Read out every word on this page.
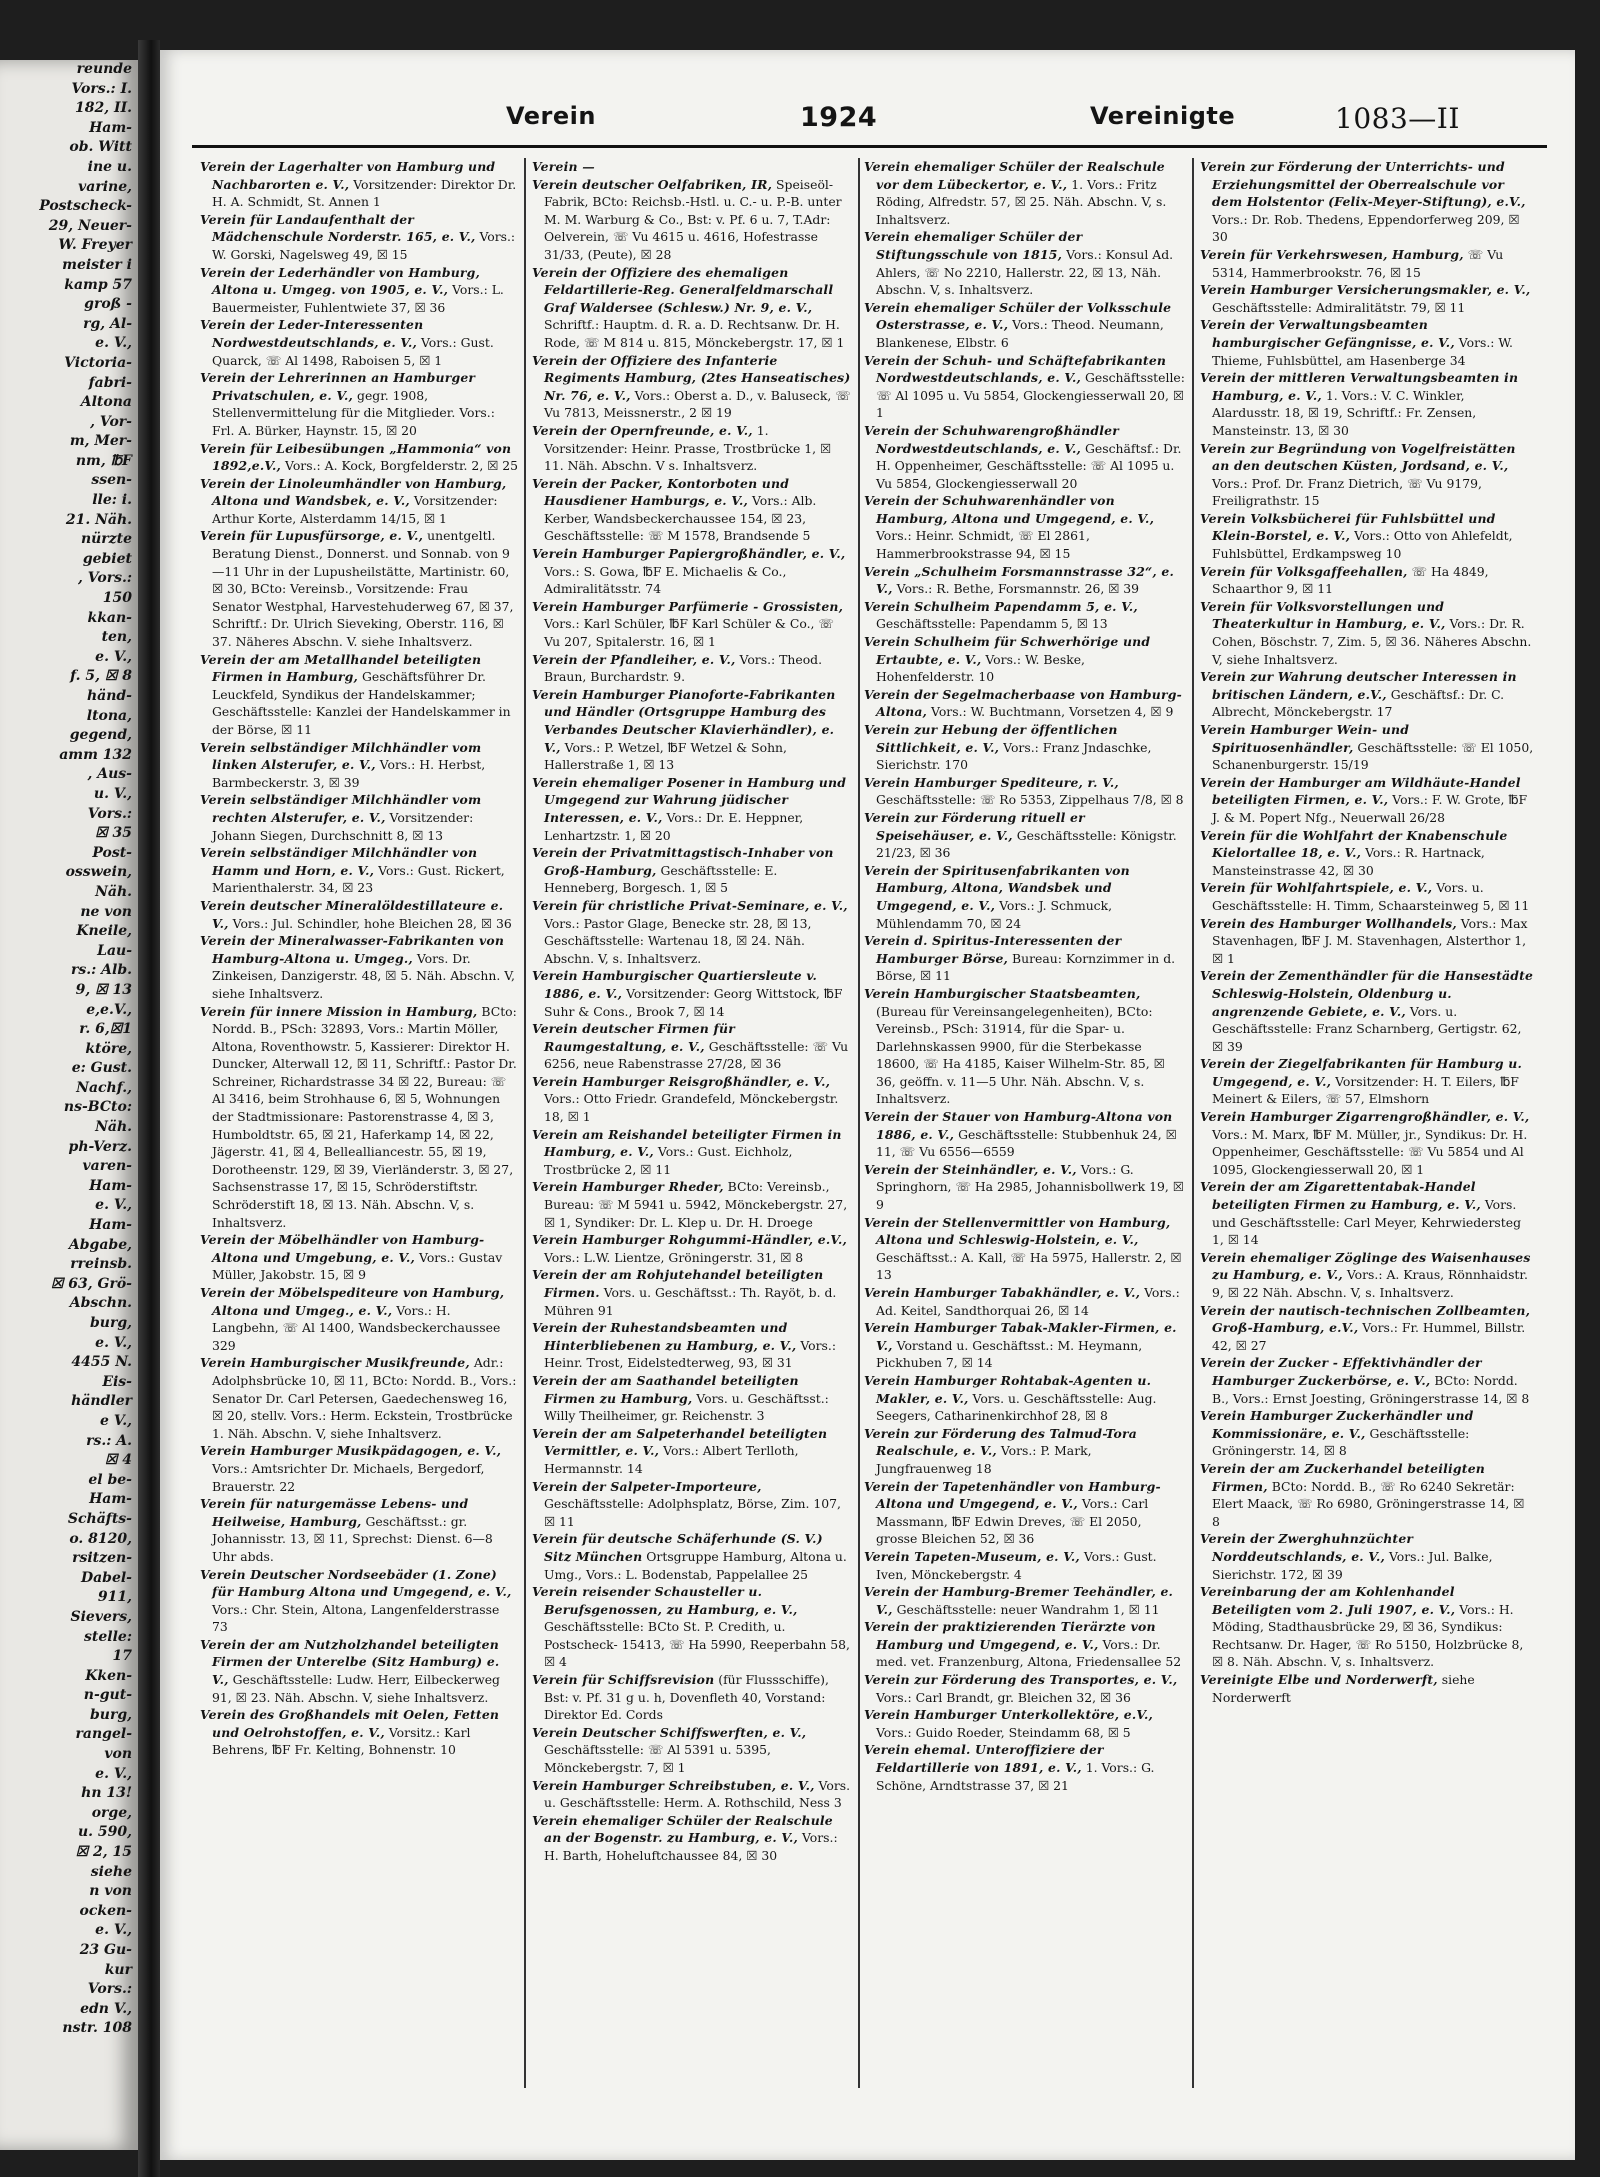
reunde
Vors.: I.
182, II.
Ham-
ob. Witt
ine u.
varine,
Postscheck-
29, Neuer-
W. Freyer
meister i
kamp 57
groß -
rg, Al-
e. V.,
Victoria-
fabri-
Altona
, Vor-
m, Mer-
nm, ℔F
ssen-
lle: i.
21. Näh.
nürzte
gebiet
, Vors.:
150
kkan-
ten,
e. V.,
f. 5, ☒ 8
händ-
ltona,
gegend,
amm 132
, Aus-
u. V.,
Vors.:
☒ 35
Post-
osswein,
Näh.
ne von
Kneile,
Lau-
rs.: Alb.
9, ☒ 13
e,e.V.,
r. 6,☒1
ktöre,
e: Gust.
Nachf.,
ns-BCto:
Näh.
ph-Verz.
varen-
Ham-
e. V.,
Ham-
Abgabe,
rreinsb.
☒ 63, Grö-
Abschn.
burg,
e. V.,
4455 N.
Eis-
händler
e V.,
rs.: A.
☒ 4
el be-
Ham-
Schäfts-
o. 8120,
rsitzen-
Dabel-
911,
Sievers,
stelle:
17
Kken-
n-gut-
burg,
rangel-
von
e. V.,
hn 13!
orge,
u. 590,
☒ 2, 15
siehe
n von
ocken-
e. V.,
23 Gu-
kur
Vors.:
edn V.,
nstr. 108
Verein	1924	Vereinigte	1083—II

Verein der Lagerhalter von Hamburg und Nachbarorten e. V., Vorsitzender: Direktor Dr. H. A. Schmidt, St. Annen 1

Verein für Landaufenthalt der Mädchenschule Norderstr. 165, e. V., Vors.: W. Gorski, Nagelsweg 49, ☒ 15

Verein der Lederhändler von Hamburg, Altona u. Umgeg. von 1905, e. V., Vors.: L. Bauermeister, Fuhlentwiete 37, ☒ 36

Verein der Leder-Interessenten Nordwestdeutschlands, e. V., Vors.: Gust. Quarck, ☏ Al 1498, Raboisen 5, ☒ 1

Verein der Lehrerinnen an Hamburger Privatschulen, e. V., gegr. 1908, Stellenvermittelung für die Mitglieder. Vors.: Frl. A. Bürker, Haynstr. 15, ☒ 20

Verein für Leibesübungen „Hammonia“ von 1892,e.V., Vors.: A. Kock, Borgfelderstr. 2, ☒ 25

Verein der Linoleumhändler von Hamburg, Altona und Wandsbek, e. V., Vorsitzender: Arthur Korte, Alsterdamm 14/15, ☒ 1

Verein für Lupusfürsorge, e. V., unentgeltl. Beratung Dienst., Donnerst. und Sonnab. von 9—11 Uhr in der Lupusheilstätte, Martinistr. 60, ☒ 30, BCto: Vereinsb., Vorsitzende: Frau Senator Westphal, Harvestehuderweg 67, ☒ 37, Schriftf.: Dr. Ulrich Sieveking, Oberstr. 116, ☒ 37. Näheres Abschn. V. siehe Inhaltsverz.

Verein der am Metallhandel beteiligten Firmen in Hamburg, Geschäftsführer Dr. Leuckfeld, Syndikus der Handelskammer; Geschäftsstelle: Kanzlei der Handelskammer in der Börse, ☒ 11

Verein selbständiger Milchhändler vom linken Alsterufer, e. V., Vors.: H. Herbst, Barmbeckerstr. 3, ☒ 39

Verein selbständiger Milchhändler vom rechten Alsterufer, e. V., Vorsitzender: Johann Siegen, Durchschnitt 8, ☒ 13

Verein selbständiger Milchhändler von Hamm und Horn, e. V., Vors.: Gust. Rickert, Marienthalerstr. 34, ☒ 23

Verein deutscher Mineralöldestillateure e. V., Vors.: Jul. Schindler, hohe Bleichen 28, ☒ 36

Verein der Mineralwasser-Fabrikanten von Hamburg-Altona u. Umgeg., Vors. Dr. Zinkeisen, Danzigerstr. 48, ☒ 5. Näh. Abschn. V, siehe Inhaltsverz.

Verein für innere Mission in Hamburg, BCto: Nordd. B., PSch: 32893, Vors.: Martin Möller, Altona, Roventhowstr. 5, Kassierer: Direktor H. Duncker, Alterwall 12, ☒ 11, Schriftf.: Pastor Dr. Schreiner, Richardstrasse 34 ☒ 22, Bureau: ☏ Al 3416, beim Strohhause 6, ☒ 5, Wohnungen der Stadtmissionare: Pastorenstrasse 4, ☒ 3, Humboldtstr. 65, ☒ 21, Haferkamp 14, ☒ 22, Jägerstr. 41, ☒ 4, Bellealliancestr. 55, ☒ 19, Dorotheenstr. 129, ☒ 39, Vierländerstr. 3, ☒ 27, Sachsenstrasse 17, ☒ 15, Schröderstiftstr. Schröderstift 18, ☒ 13. Näh. Abschn. V, s. Inhaltsverz.

Verein der Möbelhändler von Hamburg-Altona und Umgebung, e. V., Vors.: Gustav Müller, Jakobstr. 15, ☒ 9

Verein der Möbelspediteure von Hamburg, Altona und Umgeg., e. V., Vors.: H. Langbehn, ☏ Al 1400, Wandsbeckerchaussee 329

Verein Hamburgischer Musikfreunde, Adr.: Adolphsbrücke 10, ☒ 11, BCto: Nordd. B., Vors.: Senator Dr. Carl Petersen, Gaedechensweg 16, ☒ 20, stellv. Vors.: Herm. Eckstein, Trostbrücke 1. Näh. Abschn. V, siehe Inhaltsverz.

Verein Hamburger Musikpädagogen, e. V., Vors.: Amtsrichter Dr. Michaels, Bergedorf, Brauerstr. 22

Verein für naturgemässe Lebens- und Heilweise, Hamburg, Geschäftsst.: gr. Johannisstr. 13, ☒ 11, Sprechst: Dienst. 6—8 Uhr abds.

Verein Deutscher Nordseebäder (1. Zone) für Hamburg Altona und Umgegend, e. V., Vors.: Chr. Stein, Altona, Langenfelderstrasse 73

Verein der am Nutzholzhandel beteiligten Firmen der Unterelbe (Sitz Hamburg) e. V., Geschäftsstelle: Ludw. Herr, Eilbeckerweg 91, ☒ 23. Näh. Abschn. V, siehe Inhaltsverz.

Verein des Großhandels mit Oelen, Fetten und Oelrohstoffen, e. V., Vorsitz.: Karl Behrens, ℔F Fr. Kelting, Bohnenstr. 10

Verein —

Verein deutscher Oelfabriken, IR, Speiseöl-Fabrik, BCto: Reichsb.-Hstl. u. C.- u. P.-B. unter M. M. Warburg & Co., Bst: v. Pf. 6 u. 7, T.Adr: Oelverein, ☏ Vu 4615 u. 4616, Hofestrasse 31/33, (Peute), ☒ 28

Verein der Offiziere des ehemaligen Feldartillerie-Reg. Generalfeldmarschall Graf Waldersee (Schlesw.) Nr. 9, e. V., Schriftf.: Hauptm. d. R. a. D. Rechtsanw. Dr. H. Rode, ☏ M 814 u. 815, Mönckebergstr. 17, ☒ 1

Verein der Offiziere des Infanterie Regiments Hamburg, (2tes Hanseatisches) Nr. 76, e. V., Vors.: Oberst a. D., v. Baluseck, ☏ Vu 7813, Meissnerstr., 2 ☒ 19

Verein der Opernfreunde, e. V., 1. Vorsitzender: Heinr. Prasse, Trostbrücke 1, ☒ 11. Näh. Abschn. V s. Inhaltsverz.

Verein der Packer, Kontorboten und Hausdiener Hamburgs, e. V., Vors.: Alb. Kerber, Wandsbeckerchaussee 154, ☒ 23, Geschäftsstelle: ☏ M 1578, Brandsende 5

Verein Hamburger Papiergroßhändler, e. V., Vors.: S. Gowa, ℔F E. Michaelis & Co., Admiralitätsstr. 74

Verein Hamburger Parfümerie - Grossisten, Vors.: Karl Schüler, ℔F Karl Schüler & Co., ☏ Vu 207, Spitalerstr. 16, ☒ 1

Verein der Pfandleiher, e. V., Vors.: Theod. Braun, Burchardstr. 9.

Verein Hamburger Pianoforte-Fabrikanten und Händler (Ortsgruppe Hamburg des Verbandes Deutscher Klavierhändler), e. V., Vors.: P. Wetzel, ℔F Wetzel & Sohn, Hallerstraße 1, ☒ 13

Verein ehemaliger Posener in Hamburg und Umgegend zur Wahrung jüdischer Interessen, e. V., Vors.: Dr. E. Heppner, Lenhartzstr. 1, ☒ 20

Verein der Privatmittagstisch-Inhaber von Groß-Hamburg, Geschäftsstelle: E. Henneberg, Borgesch. 1, ☒ 5

Verein für christliche Privat-Seminare, e. V., Vors.: Pastor Glage, Benecke str. 28, ☒ 13, Geschäftsstelle: Wartenau 18, ☒ 24. Näh. Abschn. V, s. Inhaltsverz.

Verein Hamburgischer Quartiersleute v. 1886, e. V., Vorsitzender: Georg Wittstock, ℔F Suhr & Cons., Brook 7, ☒ 14

Verein deutscher Firmen für Raumgestaltung, e. V., Geschäftsstelle: ☏ Vu 6256, neue Rabenstrasse 27/28, ☒ 36

Verein Hamburger Reisgroßhändler, e. V., Vors.: Otto Friedr. Grandefeld, Mönckebergstr. 18, ☒ 1

Verein am Reishandel beteiligter Firmen in Hamburg, e. V., Vors.: Gust. Eichholz, Trostbrücke 2, ☒ 11

Verein Hamburger Rheder, BCto: Vereinsb., Bureau: ☏ M 5941 u. 5942, Mönckebergstr. 27, ☒ 1, Syndiker: Dr. L. Klep u. Dr. H. Droege

Verein Hamburger Rohgummi-Händler, e.V., Vors.: L.W. Lientze, Gröningerstr. 31, ☒ 8

Verein der am Rohjutehandel beteiligten Firmen. Vors. u. Geschäftsst.: Th. Rayöt, b. d. Mühren 91

Verein der Ruhestandsbeamten und Hinterbliebenen zu Hamburg, e. V., Vors.: Heinr. Trost, Eidelstedterweg, 93, ☒ 31

Verein der am Saathandel beteiligten Firmen zu Hamburg, Vors. u. Geschäftsst.: Willy Theilheimer, gr. Reichenstr. 3

Verein der am Salpeterhandel beteiligten Vermittler, e. V., Vors.: Albert Terlloth, Hermannstr. 14

Verein der Salpeter-Importeure, Geschäftsstelle: Adolphsplatz, Börse, Zim. 107, ☒ 11

Verein für deutsche Schäferhunde (S. V.) Sitz München Ortsgruppe Hamburg, Altona u. Umg., Vors.: L. Bodenstab, Pappelallee 25

Verein reisender Schausteller u. Berufsgenossen, zu Hamburg, e. V., Geschäftsstelle: BCto St. P. Credith, u. Postscheck- 15413, ☏ Ha 5990, Reeperbahn 58, ☒ 4

Verein für Schiffsrevision (für Flussschiffe), Bst: v. Pf. 31 g u. h, Dovenfleth 40, Vorstand: Direktor Ed. Cords

Verein Deutscher Schiffswerften, e. V., Geschäftsstelle: ☏ Al 5391 u. 5395, Mönckebergstr. 7, ☒ 1

Verein Hamburger Schreibstuben, e. V., Vors. u. Geschäftsstelle: Herm. A. Rothschild, Ness 3

Verein ehemaliger Schüler der Realschule an der Bogenstr. zu Hamburg, e. V., Vors.: H. Barth, Hoheluftchaussee 84, ☒ 30

Verein ehemaliger Schüler der Realschule vor dem Lübeckertor, e. V., 1. Vors.: Fritz Röding, Alfredstr. 57, ☒ 25. Näh. Abschn. V, s. Inhaltsverz.

Verein ehemaliger Schüler der Stiftungsschule von 1815, Vors.: Konsul Ad. Ahlers, ☏ No 2210, Hallerstr. 22, ☒ 13, Näh. Abschn. V, s. Inhaltsverz.

Verein ehemaliger Schüler der Volksschule Osterstrasse, e. V., Vors.: Theod. Neumann, Blankenese, Elbstr. 6

Verein der Schuh- und Schäftefabrikanten Nordwestdeutschlands, e. V., Geschäftsstelle: ☏ Al 1095 u. Vu 5854, Glockengiesserwall 20, ☒ 1

Verein der Schuhwarengroßhändler Nordwestdeutschlands, e. V., Geschäftsf.: Dr. H. Oppenheimer, Geschäftsstelle: ☏ Al 1095 u. Vu 5854, Glockengiesserwall 20

Verein der Schuhwarenhändler von Hamburg, Altona und Umgegend, e. V., Vors.: Heinr. Schmidt, ☏ El 2861, Hammerbrookstrasse 94, ☒ 15

Verein „Schulheim Forsmannstrasse 32“, e. V., Vors.: R. Bethe, Forsmannstr. 26, ☒ 39

Verein Schulheim Papendamm 5, e. V., Geschäftsstelle: Papendamm 5, ☒ 13

Verein Schulheim für Schwerhörige und Ertaubte, e. V., Vors.: W. Beske, Hohenfelderstr. 10

Verein der Segelmacherbaase von Hamburg-Altona, Vors.: W. Buchtmann, Vorsetzen 4, ☒ 9

Verein zur Hebung der öffentlichen Sittlichkeit, e. V., Vors.: Franz Jndaschke, Sierichstr. 170

Verein Hamburger Spediteure, r. V., Geschäftsstelle: ☏ Ro 5353, Zippelhaus 7/8, ☒ 8

Verein zur Förderung rituell er Speisehäuser, e. V., Geschäftsstelle: Königstr. 21/23, ☒ 36

Verein der Spiritusenfabrikanten von Hamburg, Altona, Wandsbek und Umgegend, e. V., Vors.: J. Schmuck, Mühlendamm 70, ☒ 24

Verein d. Spiritus-Interessenten der Hamburger Börse, Bureau: Kornzimmer in d. Börse, ☒ 11

Verein Hamburgischer Staatsbeamten, (Bureau für Vereinsangelegenheiten), BCto: Vereinsb., PSch: 31914, für die Spar- u. Darlehnskassen 9900, für die Sterbekasse 18600, ☏ Ha 4185, Kaiser Wilhelm-Str. 85, ☒ 36, geöffn. v. 11—5 Uhr. Näh. Abschn. V, s. Inhaltsverz.

Verein der Stauer von Hamburg-Altona von 1886, e. V., Geschäftsstelle: Stubbenhuk 24, ☒ 11, ☏ Vu 6556—6559

Verein der Steinhändler, e. V., Vors.: G. Springhorn, ☏ Ha 2985, Johannisbollwerk 19, ☒ 9

Verein der Stellenvermittler von Hamburg, Altona und Schleswig-Holstein, e. V., Geschäftsst.: A. Kall, ☏ Ha 5975, Hallerstr. 2, ☒ 13

Verein Hamburger Tabakhändler, e. V., Vors.: Ad. Keitel, Sandthorquai 26, ☒ 14

Verein Hamburger Tabak-Makler-Firmen, e. V., Vorstand u. Geschäftsst.: M. Heymann, Pickhuben 7, ☒ 14

Verein Hamburger Rohtabak-Agenten u. Makler, e. V., Vors. u. Geschäftsstelle: Aug. Seegers, Catharinenkirchhof 28, ☒ 8

Verein zur Förderung des Talmud-Tora Realschule, e. V., Vors.: P. Mark, Jungfrauenweg 18

Verein der Tapetenhändler von Hamburg-Altona und Umgegend, e. V., Vors.: Carl Massmann, ℔F Edwin Dreves, ☏ El 2050, grosse Bleichen 52, ☒ 36

Verein Tapeten-Museum, e. V., Vors.: Gust. Iven, Mönckebergstr. 4

Verein der Hamburg-Bremer Teehändler, e. V., Geschäftsstelle: neuer Wandrahm 1, ☒ 11

Verein der praktizierenden Tierärzte von Hamburg und Umgegend, e. V., Vors.: Dr. med. vet. Franzenburg, Altona, Friedensallee 52

Verein zur Förderung des Transportes, e. V., Vors.: Carl Brandt, gr. Bleichen 32, ☒ 36

Verein Hamburger Unterkollektöre, e.V., Vors.: Guido Roeder, Steindamm 68, ☒ 5

Verein ehemal. Unteroffiziere der Feldartillerie von 1891, e. V., 1. Vors.: G. Schöne, Arndtstrasse 37, ☒ 21

Verein zur Förderung der Unterrichts- und Erziehungsmittel der Oberrealschule vor dem Holstentor (Felix-Meyer-Stiftung), e.V., Vors.: Dr. Rob. Thedens, Eppendorferweg 209, ☒ 30

Verein für Verkehrswesen, Hamburg, ☏ Vu 5314, Hammerbrookstr. 76, ☒ 15

Verein Hamburger Versicherungsmakler, e. V., Geschäftsstelle: Admiralitätstr. 79, ☒ 11

Verein der Verwaltungsbeamten hamburgischer Gefängnisse, e. V., Vors.: W. Thieme, Fuhlsbüttel, am Hasenberge 34

Verein der mittleren Verwaltungsbeamten in Hamburg, e. V., 1. Vors.: V. C. Winkler, Alardusstr. 18, ☒ 19, Schriftf.: Fr. Zensen, Mansteinstr. 13, ☒ 30

Verein zur Begründung von Vogelfreistätten an den deutschen Küsten, Jordsand, e. V., Vors.: Prof. Dr. Franz Dietrich, ☏ Vu 9179, Freiligrathstr. 15

Verein Volksbücherei für Fuhlsbüttel und Klein-Borstel, e. V., Vors.: Otto von Ahlefeldt, Fuhlsbüttel, Erdkampsweg 10

Verein für Volksgaffeehallen, ☏ Ha 4849, Schaarthor 9, ☒ 11

Verein für Volksvorstellungen und Theaterkultur in Hamburg, e. V., Vors.: Dr. R. Cohen, Böschstr. 7, Zim. 5, ☒ 36. Näheres Abschn. V, siehe Inhaltsverz.

Verein zur Wahrung deutscher Interessen in britischen Ländern, e.V., Geschäftsf.: Dr. C. Albrecht, Mönckebergstr. 17

Verein Hamburger Wein- und Spirituosenhändler, Geschäftsstelle: ☏ El 1050, Schanenburgerstr. 15/19

Verein der Hamburger am Wildhäute-Handel beteiligten Firmen, e. V., Vors.: F. W. Grote, ℔F J. & M. Popert Nfg., Neuerwall 26/28

Verein für die Wohlfahrt der Knabenschule Kielortallee 18, e. V., Vors.: R. Hartnack, Mansteinstrasse 42, ☒ 30

Verein für Wohlfahrtspiele, e. V., Vors. u. Geschäftsstelle: H. Timm, Schaarsteinweg 5, ☒ 11

Verein des Hamburger Wollhandels, Vors.: Max Stavenhagen, ℔F J. M. Stavenhagen, Alsterthor 1, ☒ 1

Verein der Zementhändler für die Hansestädte Schleswig-Holstein, Oldenburg u. angrenzende Gebiete, e. V., Vors. u. Geschäftsstelle: Franz Scharnberg, Gertigstr. 62, ☒ 39

Verein der Ziegelfabrikanten für Hamburg u. Umgegend, e. V., Vorsitzender: H. T. Eilers, ℔F Meinert & Eilers, ☏ 57, Elmshorn

Verein Hamburger Zigarrengroßhändler, e. V., Vors.: M. Marx, ℔F M. Müller, jr., Syndikus: Dr. H. Oppenheimer, Geschäftsstelle: ☏ Vu 5854 und Al 1095, Glockengiesserwall 20, ☒ 1

Verein der am Zigarettentabak-Handel beteiligten Firmen zu Hamburg, e. V., Vors. und Geschäftsstelle: Carl Meyer, Kehrwiedersteg 1, ☒ 14

Verein ehemaliger Zöglinge des Waisenhauses zu Hamburg, e. V., Vors.: A. Kraus, Rönnhaidstr. 9, ☒ 22 Näh. Abschn. V, s. Inhaltsverz.

Verein der nautisch-technischen Zollbeamten, Groß-Hamburg, e.V., Vors.: Fr. Hummel, Billstr. 42, ☒ 27

Verein der Zucker - Effektivhändler der Hamburger Zuckerbörse, e. V., BCto: Nordd. B., Vors.: Ernst Joesting, Gröningerstrasse 14, ☒ 8

Verein Hamburger Zuckerhändler und Kommissionäre, e. V., Geschäftsstelle: Gröningerstr. 14, ☒ 8

Verein der am Zuckerhandel beteiligten Firmen, BCto: Nordd. B., ☏ Ro 6240 Sekretär: Elert Maack, ☏ Ro 6980, Gröningerstrasse 14, ☒ 8

Verein der Zwerghuhnzüchter Norddeutschlands, e. V., Vors.: Jul. Balke, Sierichstr. 172, ☒ 39

Vereinbarung der am Kohlenhandel Beteiligten vom 2. Juli 1907, e. V., Vors.: H. Möding, Stadthausbrücke 29, ☒ 36, Syndikus: Rechtsanw. Dr. Hager, ☏ Ro 5150, Holzbrücke 8, ☒ 8. Näh. Abschn. V, s. Inhaltsverz.

Vereinigte Elbe und Norderwerft, siehe Norderwerft
